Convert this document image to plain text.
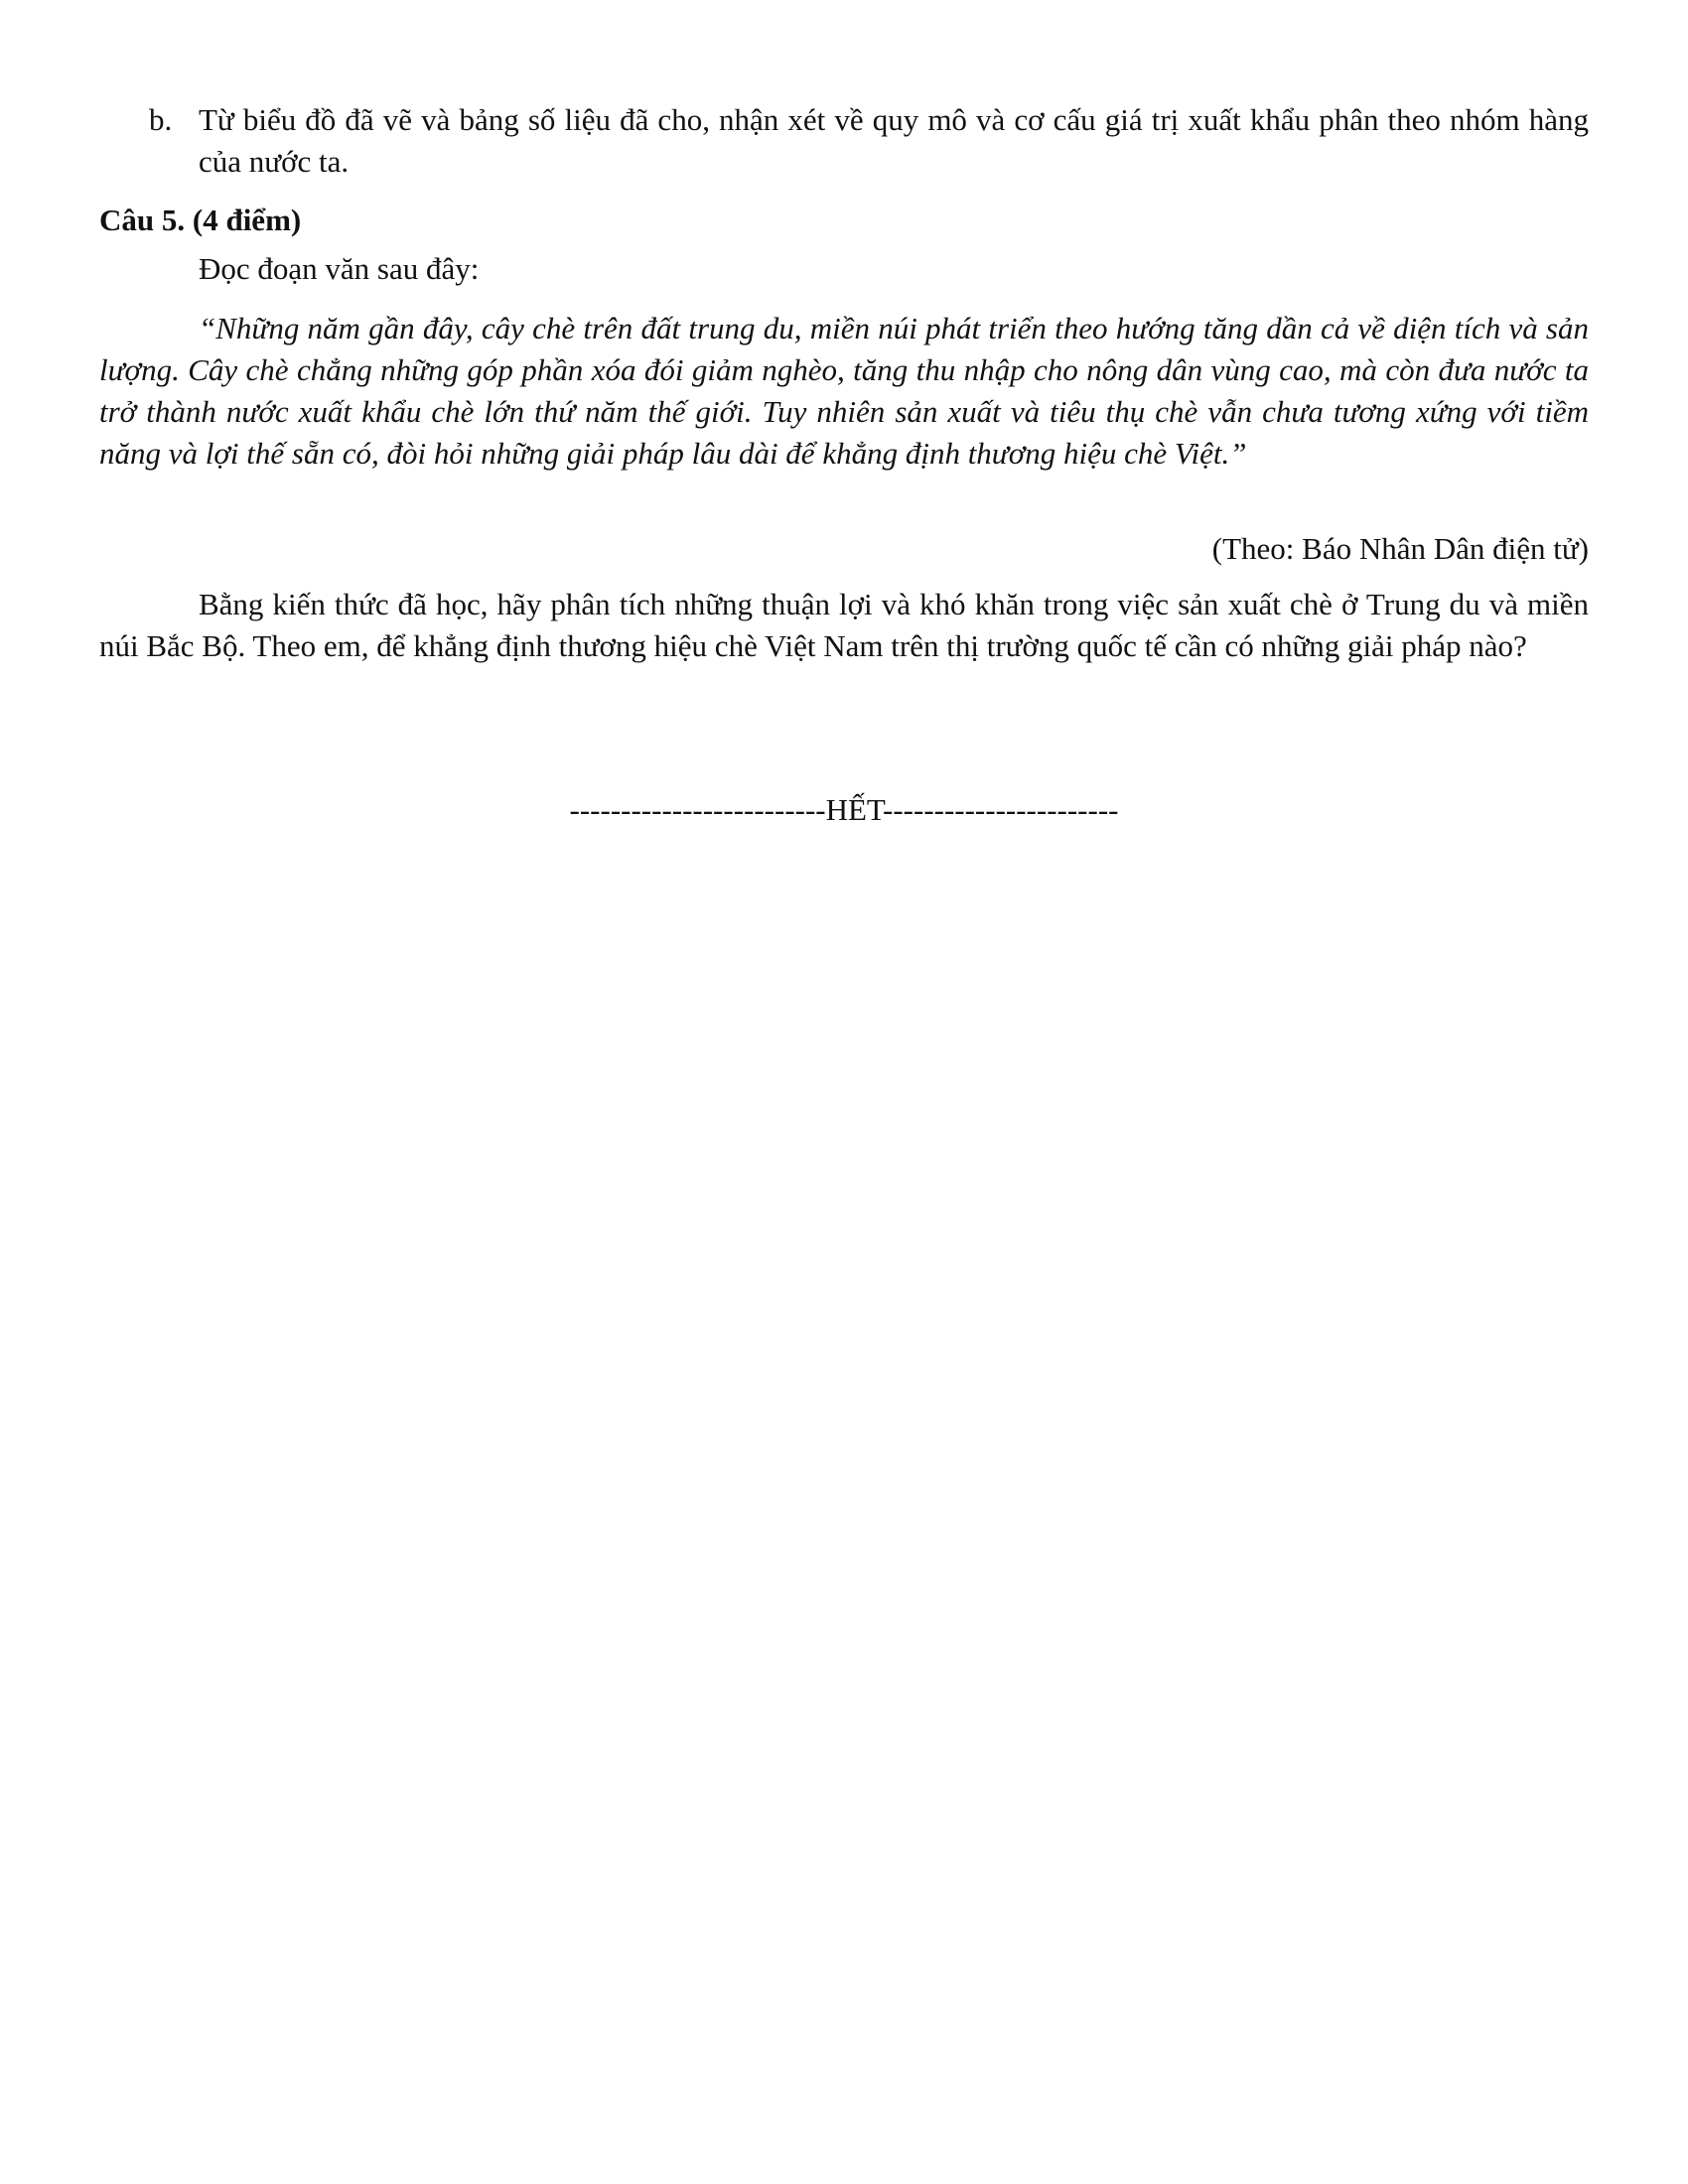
b. Từ biểu đồ đã vẽ và bảng số liệu đã cho, nhận xét về quy mô và cơ cấu giá trị xuất khẩu phân theo nhóm hàng của nước ta.
Câu 5. (4 điểm)
Đọc đoạn văn sau đây:
“Những năm gần đây, cây chè trên đất trung du, miền núi phát triển theo hướng tăng dần cả về diện tích và sản lượng. Cây chè chẳng những góp phần xóa đói giảm nghèo, tăng thu nhập cho nông dân vùng cao, mà còn đưa nước ta trở thành nước xuất khẩu chè lớn thứ năm thế giới. Tuy nhiên sản xuất và tiêu thụ chè vẫn chưa tương xứng với tiềm năng và lợi thế sẵn có, đòi hỏi những giải pháp lâu dài để khẳng định thương hiệu chè Việt.”
(Theo: Báo Nhân Dân điện tử)
Bằng kiến thức đã học, hãy phân tích những thuận lợi và khó khăn trong việc sản xuất chè ở Trung du và miền núi Bắc Bộ. Theo em, để khẳng định thương hiệu chè Việt Nam trên thị trường quốc tế cần có những giải pháp nào?
-------------------------HẾT-----------------------
